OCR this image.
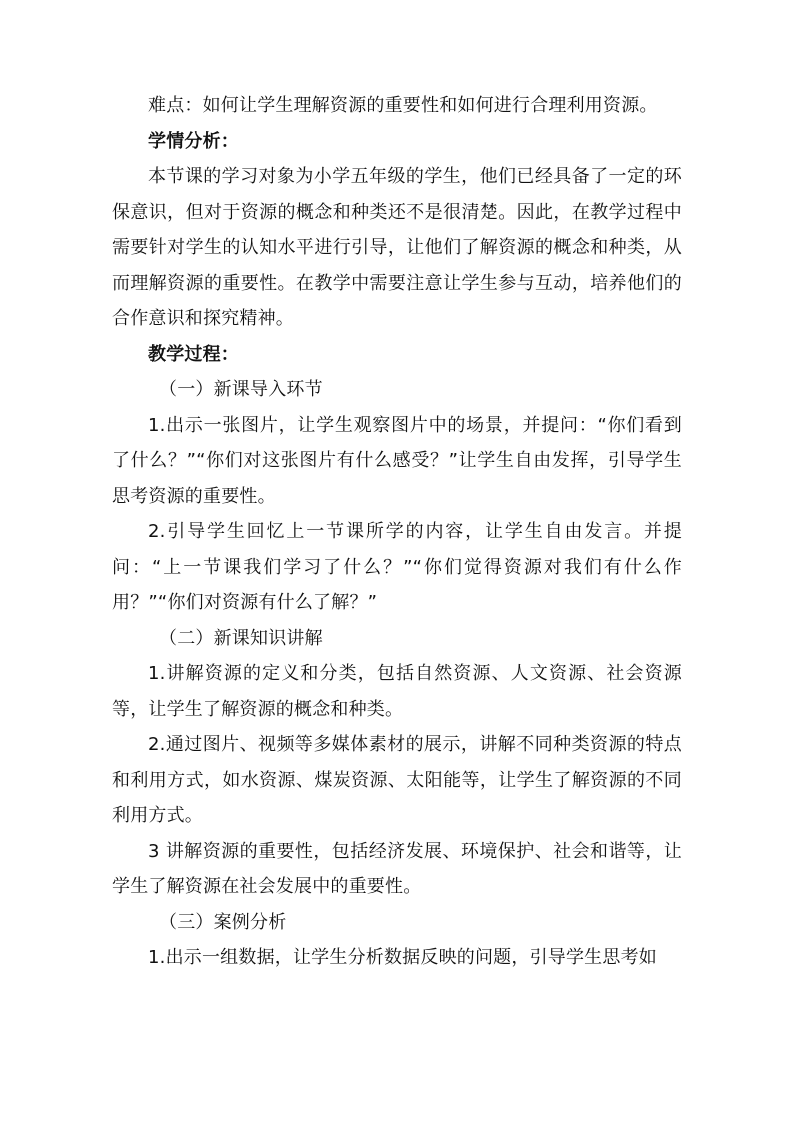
难点：如何让学生理解资源的重要性和如何进行合理利用资源。

学情分析：

本节课的学习对象为小学五年级的学生，他们已经具备了一定的环保意识，但对于资源的概念和种类还不是很清楚。因此，在教学过程中需要针对学生的认知水平进行引导，让他们了解资源的概念和种类，从而理解资源的重要性。在教学中需要注意让学生参与互动，培养他们的合作意识和探究精神。

教学过程：

（一）新课导入环节

1.出示一张图片，让学生观察图片中的场景，并提问：“你们看到了什么？”“你们对这张图片有什么感受？”让学生自由发挥，引导学生思考资源的重要性。

2.引导学生回忆上一节课所学的内容，让学生自由发言。并提问：“上一节课我们学习了什么？”“你们觉得资源对我们有什么作用？”“你们对资源有什么了解？”

（二）新课知识讲解

1.讲解资源的定义和分类，包括自然资源、人文资源、社会资源等，让学生了解资源的概念和种类。

2.通过图片、视频等多媒体素材的展示，讲解不同种类资源的特点和利用方式，如水资源、煤炭资源、太阳能等，让学生了解资源的不同利用方式。

3 讲解资源的重要性，包括经济发展、环境保护、社会和谐等，让学生了解资源在社会发展中的重要性。

（三）案例分析

1.出示一组数据，让学生分析数据反映的问题，引导学生思考如
